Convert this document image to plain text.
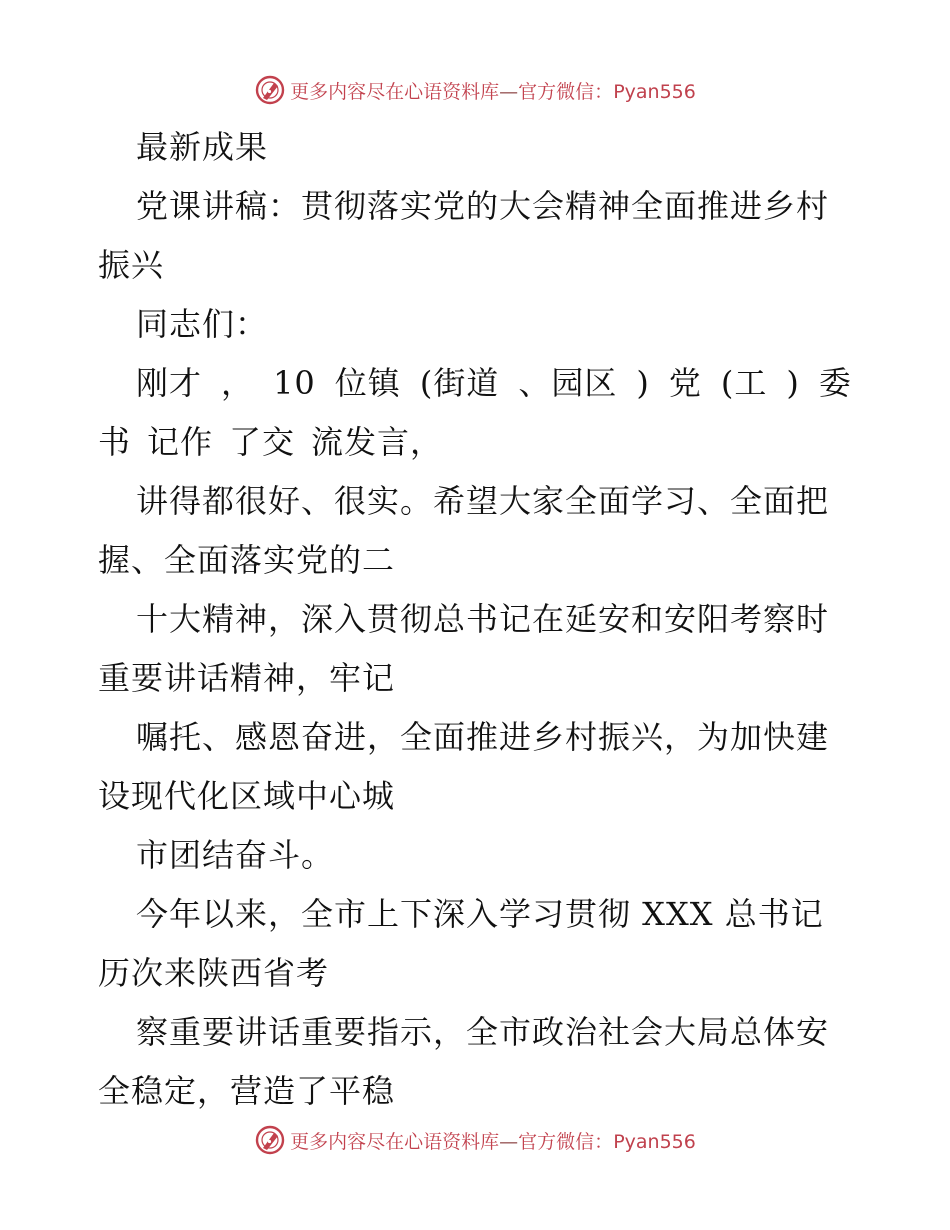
更多内容尽在心语资料库—官方微信：Pyan556
最新成果
党课讲稿：贯彻落实党的大会精神全面推进乡村
振兴
同志们：
刚才 ， 10 位镇 (街道 、园区 ) 党 (工 ) 委
书 记作 了交 流发言，
讲得都很好、很实。希望大家全面学习、全面把
握、全面落实党的二
十大精神，深入贯彻总书记在延安和安阳考察时
重要讲话精神，牢记
嘱托、感恩奋进，全面推进乡村振兴，为加快建
设现代化区域中心城
市团结奋斗。
今年以来，全市上下深入学习贯彻 XXX 总书记
历次来陕西省考
察重要讲话重要指示，全市政治社会大局总体安
全稳定，营造了平稳
更多内容尽在心语资料库—官方微信：Pyan556
